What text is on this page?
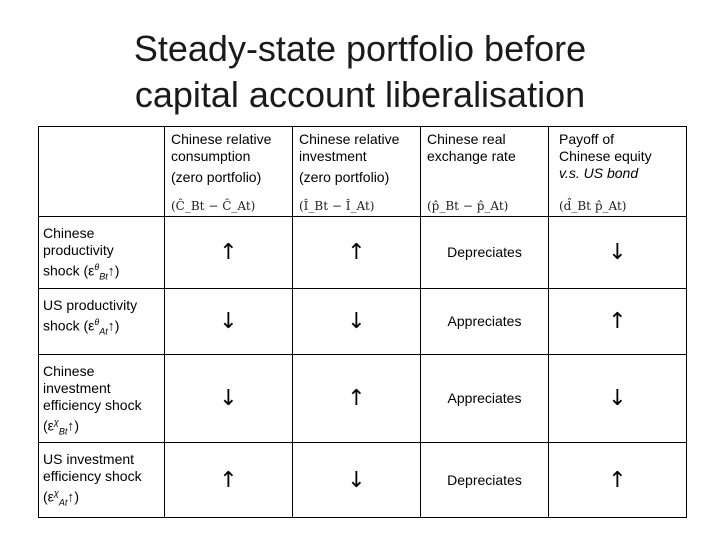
Steady-state portfolio before
capital account liberalisation
	Chinese relative
consumption
(zero portfolio)
(Ĉ_Bt − Ĉ_At)	Chinese relative
investment
(zero portfolio)
(Î_Bt − Î_At)	Chinese real
exchange rate
(p̂_Bt − p̂_At)	Payoff of
Chinese equity
v.s. US bond
(d̂_Bt p̂_At)

Chinese
productivity
shock $(\varepsilon^\theta_{Bt}↑)$	↑	↑	Depreciates	↓
US productivity
shock $(\varepsilon^\theta_{At}↑)$	↓	↓	Appreciates	↑
Chinese
investment
efficiency shock
$(\varepsilon^\chi_{Bt}↑)$	↓	↑	Appreciates	↓
US investment
efficiency shock
$(\varepsilon^\chi_{At}↑)$	↑	↓	Depreciates	↑
